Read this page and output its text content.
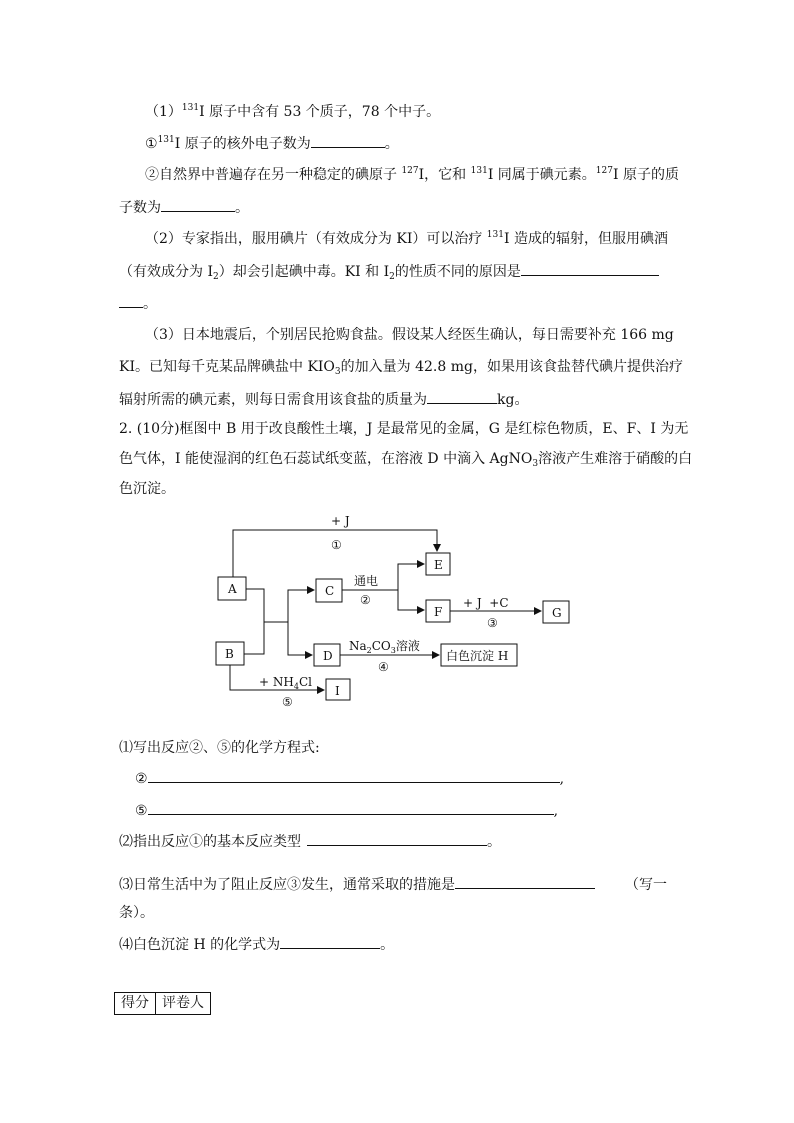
$(1)^{131}I$ 原子中含有 53 个质子，78 个中子。
①$^{131}$I 原子的核外电子数为	。
②自然界中普遍存在另一种稳定的碘原子 $^{127}$I，它和 $^{131}$I 同属于碘元素。$^{127}$I 原子的质
子数为	。
（2）专家指出，服用碘片（有效成分为 KI）可以治疗 $^{131}$I 造成的辐射，但服用碘酒
（有效成分为 $I_2$）却会引起碘中毒。KI 和 $I_2$的性质不同的原因是
。
（3）日本地震后，个别居民抢购食盐。假设某人经医生确认，每日需要补充 166 mg
KI。已知每千克某品牌碘盐中 $KIO_3$的加入量为 42.8 mg，如果用该食盐替代碘片提供治疗
辐射所需的碘元素，则每日需食用该食盐的质量为	kg。
2. (10分)框图中 B 用于改良酸性土壤，J 是最常见的金属，G 是红棕色物质，E、F、I 为无
色气体，I 能使湿润的红色石蕊试纸变蓝，在溶液 D 中滴入 AgNO$_3$溶液产生难溶于硝酸的白
色沉淀。
A
B
C
D
E
F	G
I
白色沉淀 H
+ J
①
通电
②	+ J  +C
③
$Na_2CO_3$溶液
④
+ $NH_4Cl$
⑤
⑴写出反应②、⑤的化学方程式:
②	,
⑤	,
⑵指出反应①的基本反应类型	。
⑶日常生活中为了阻止反应③发生，通常采取的措施是	（写一
条）。
⑷白色沉淀 H 的化学式为	。
得分 评卷人
